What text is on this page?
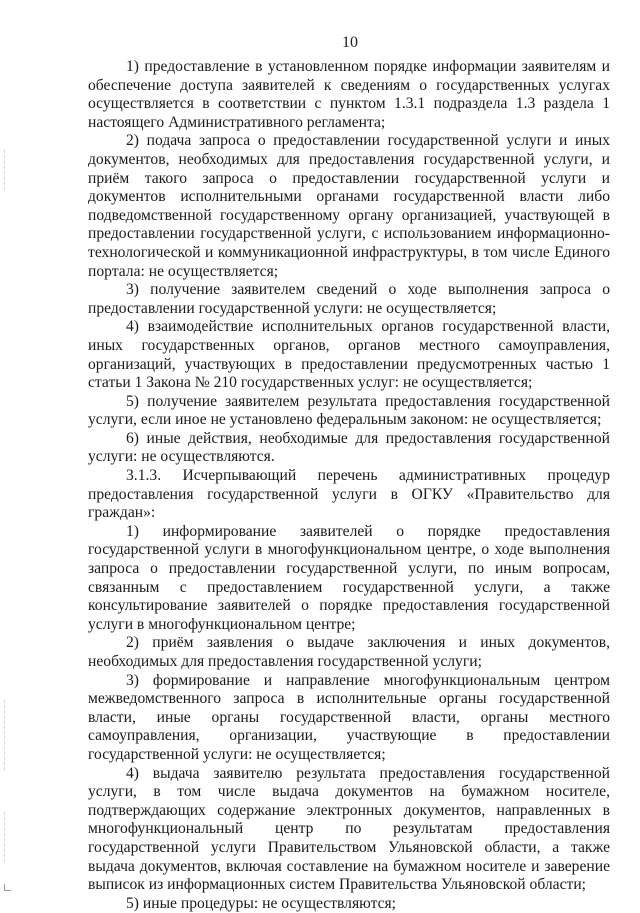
10

1) предоставление в установленном порядке информации заявителям и обеспечение доступа заявителей к сведениям о государственных услугах осуществляется в соответствии с пунктом 1.3.1 подраздела 1.3 раздела 1 настоящего Административного регламента;

2) подача запроса о предоставлении государственной услуги и иных документов, необходимых для предоставления государственной услуги, и приём такого запроса о предоставлении государственной услуги и документов исполнительными органами государственной власти либо подведомственной государственному органу организацией, участвующей в предоставлении государственной услуги, с использованием информационно-технологической и коммуникационной инфраструктуры, в том числе Единого портала: не осуществляется;

3) получение заявителем сведений о ходе выполнения запроса о предоставлении государственной услуги: не осуществляется;

4) взаимодействие исполнительных органов государственной власти, иных государственных органов, органов местного самоуправления, организаций, участвующих в предоставлении предусмотренных частью 1 статьи 1 Закона № 210 государственных услуг: не осуществляется;

5) получение заявителем результата предоставления государственной услуги, если иное не установлено федеральным законом: не осуществляется;

6) иные действия, необходимые для предоставления государственной услуги: не осуществляются.

3.1.3. Исчерпывающий перечень административных процедур предоставления государственной услуги в ОГКУ «Правительство для граждан»:

1) информирование заявителей о порядке предоставления государственной услуги в многофункциональном центре, о ходе выполнения запроса о предоставлении государственной услуги, по иным вопросам, связанным с предоставлением государственной услуги, а также консультирование заявителей о порядке предоставления государственной услуги в многофункциональном центре;

2) приём заявления о выдаче заключения и иных документов, необходимых для предоставления государственной услуги;

3) формирование и направление многофункциональным центром межведомственного запроса в исполнительные органы государственной власти, иные органы государственной власти, органы местного самоуправления, организации, участвующие в предоставлении государственной услуги: не осуществляется;

4) выдача заявителю результата предоставления государственной услуги, в том числе выдача документов на бумажном носителе, подтверждающих содержание электронных документов, направленных в многофункциональный центр по результатам предоставления государственной услуги Правительством Ульяновской области, а также выдача документов, включая составление на бумажном носителе и заверение выписок из информационных систем Правительства Ульяновской области;

5) иные процедуры: не осуществляются;
